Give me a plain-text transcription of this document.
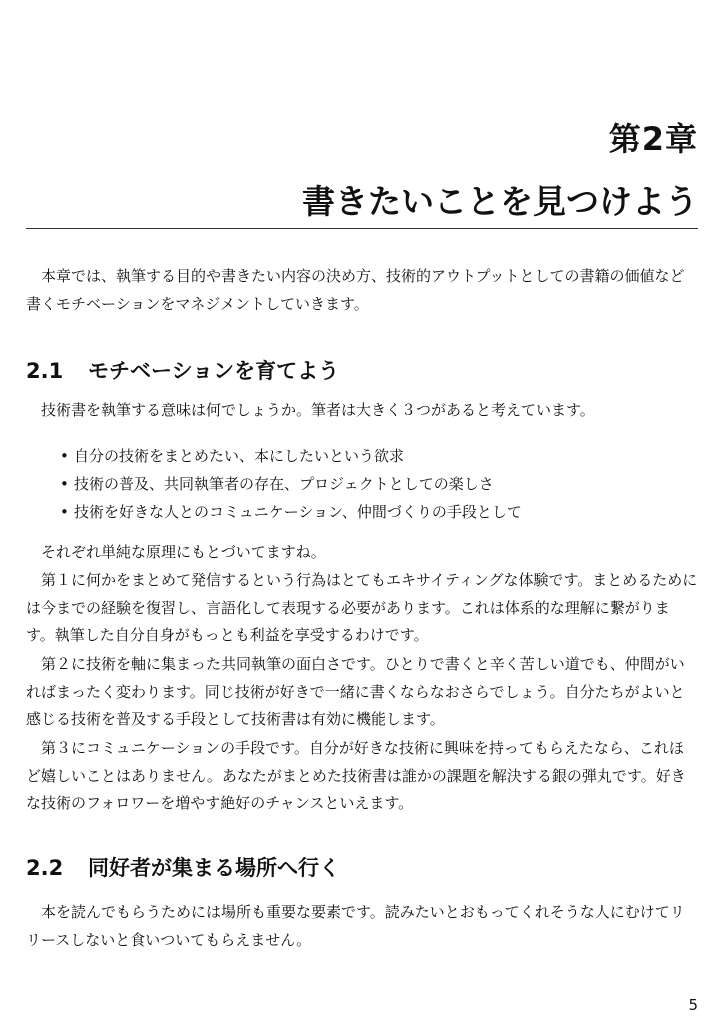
第2章
書きたいことを見つけよう

本章では、執筆する目的や書きたい内容の決め方、技術的アウトプットとしての書籍の価値など書くモチベーションをマネジメントしていきます。

2.1 モチベーションを育てよう

技術書を執筆する意味は何でしょうか。筆者は大きく３つがあると考えています。

• 自分の技術をまとめたい、本にしたいという欲求
• 技術の普及、共同執筆者の存在、プロジェクトとしての楽しさ
• 技術を好きな人とのコミュニケーション、仲間づくりの手段として

それぞれ単純な原理にもとづいてますね。

第１に何かをまとめて発信するという行為はとてもエキサイティングな体験です。まとめるためには今までの経験を復習し、言語化して表現する必要があります。これは体系的な理解に繋がります。執筆した自分自身がもっとも利益を享受するわけです。

第２に技術を軸に集まった共同執筆の面白さです。ひとりで書くと辛く苦しい道でも、仲間がいればまったく変わります。同じ技術が好きで一緒に書くならなおさらでしょう。自分たちがよいと感じる技術を普及する手段として技術書は有効に機能します。

第３にコミュニケーションの手段です。自分が好きな技術に興味を持ってもらえたなら、これほど嬉しいことはありません。あなたがまとめた技術書は誰かの課題を解決する銀の弾丸です。好きな技術のフォロワーを増やす絶好のチャンスといえます。

2.2 同好者が集まる場所へ行く

本を読んでもらうためには場所も重要な要素です。読みたいとおもってくれそうな人にむけてリリースしないと食いついてもらえません。

5
